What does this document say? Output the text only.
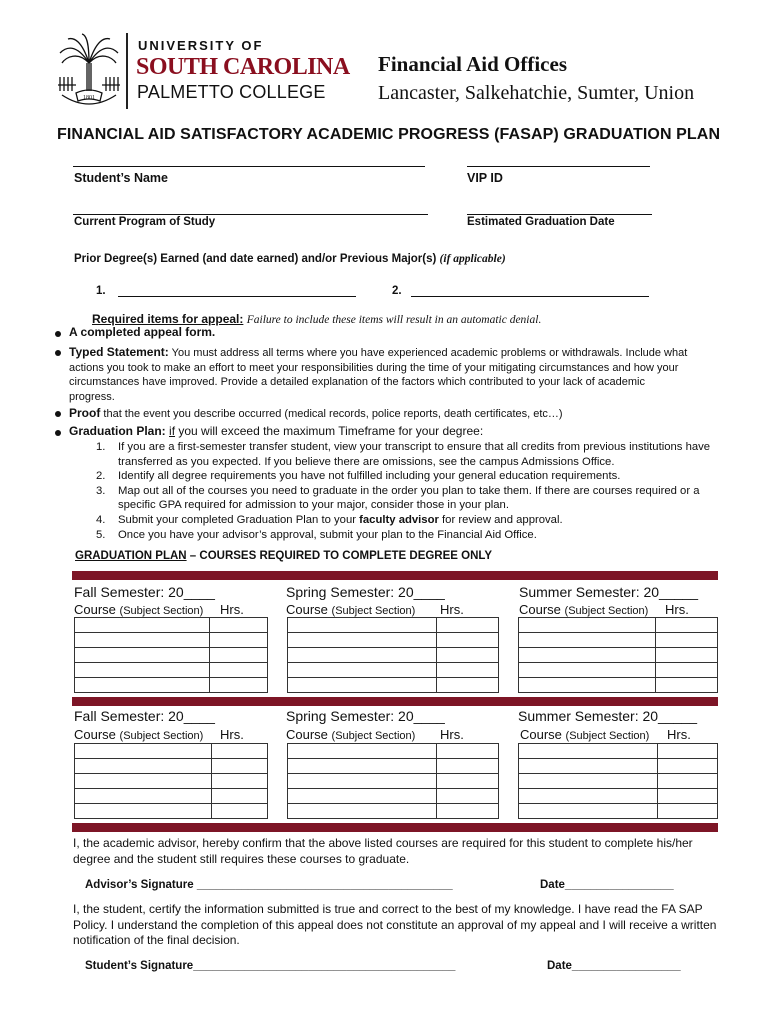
1801
UNIVERSITY OF
SOUTH CAROLINA
PALMETTO COLLEGE
Financial Aid Offices
Lancaster, Salkehatchie, Sumter, Union
FINANCIAL AID SATISFACTORY ACADEMIC PROGRESS (FASAP) GRADUATION PLAN
Student’s Name	VIP ID
Current Program of Study	Estimated Graduation Date
Prior Degree(s) Earned (and date earned) and/or Previous Major(s) (if applicable)
1.	2.
Required items for appeal: Failure to include these items will result in an automatic denial.
A completed appeal form.
Typed Statement: You must address all terms where you have experienced academic problems or withdrawals. Include what actions you took to make an effort to meet your responsibilities during the time of your mitigating circumstances and how your circumstances have improved. Provide a detailed explanation of the factors which contributed to your lack of academic progress.
Proof that the event you describe occurred (medical records, police reports, death certificates, etc…)
Graduation Plan: if you will exceed the maximum Timeframe for your degree:
1.	If you are a first-semester transfer student, view your transcript to ensure that all credits from previous institutions have transferred as you expected. If you believe there are omissions, see the campus Admissions Office.
2.	Identify all degree requirements you have not fulfilled including your general education requirements.
3.	Map out all of the courses you need to graduate in the order you plan to take them. If there are courses required or a specific GPA required for admission to your major, consider those in your plan.
4.	Submit your completed Graduation Plan to your faculty advisor for review and approval.
5.	Once you have your advisor’s approval, submit your plan to the Financial Aid Office.
GRADUATION PLAN – COURSES REQUIRED TO COMPLETE DEGREE ONLY
Fall Semester: 20____
Course (Subject Section) Hrs.
Spring Semester: 20____
Course (Subject Section) Hrs.
Summer Semester: 20_____
Course (Subject Section) Hrs.

Fall Semester: 20____
Course (Subject Section) Hrs.
Spring Semester: 20____
Course (Subject Section) Hrs.
Summer Semester: 20_____
Course (Subject Section) Hrs.

I, the academic advisor, hereby confirm that the above listed courses are required for this student to complete his/her degree and the student still requires these courses to graduate.
Advisor’s Signature ________________________________________	Date_________________
I, the student, certify the information submitted is true and correct to the best of my knowledge. I have read the FA SAP Policy. I understand the completion of this appeal does not constitute an approval of my appeal and I will receive a written notification of the final decision.
Student’s Signature_________________________________________	Date_________________
